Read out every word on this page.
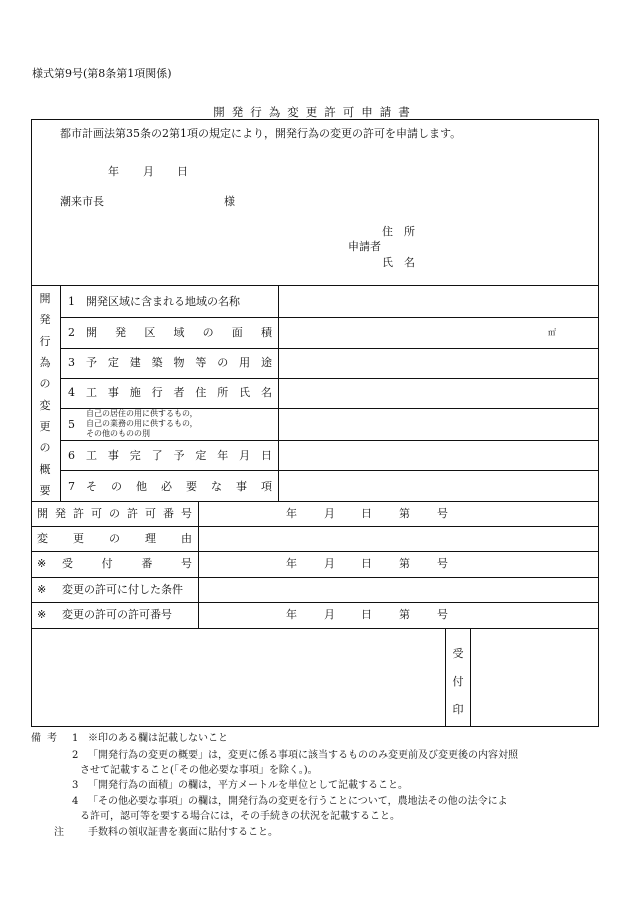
様式第9号(第8条第1項関係)
開発行為変更許可申請書
都市計画法第35条の2第1項の規定により，開発行為の変更の許可を申請します。
年 月 日
潮来市長	様
住　所
申請者
氏　名
開
発
行
為
の
変
更
の
概
要
1 開発区域に含まれる地域の名称
2 開 発 区 域 の 面 積	㎡
3 予 定 建 築 物 等 の 用 途
4 工 事 施 行 者 住 所 氏 名
5
自己の居住の用に供するもの，
自己の業務の用に供するもの，
その他のものの別
6 工 事 完 了 予 定 年 月 日
7 そ の 他 必 要 な 事 項
開 発 許 可 の 許 可 番 号	年 月 日 第 号
変 更 の 理 由
※ 受	付	番	号	年 月 日 第 号
※ 変更の許可に付した条件
※ 変更の許可の許可番号	年 月 日 第 号
受
付
印
備考 1 ※印のある欄は記載しないこと
2 「開発行為の変更の概要」は，変更に係る事項に該当するもののみ変更前及び変更後の内容対照
させて記載すること(「その他必要な事項」を除く。)。
3 「開発行為の面積」の欄は，平方メートルを単位として記載すること。
4 「その他必要な事項」の欄は，開発行為の変更を行うことについて，農地法その他の法令によ
る許可，認可等を要する場合には，その手続きの状況を記載すること。
注 手数料の領収証書を裏面に貼付すること。
